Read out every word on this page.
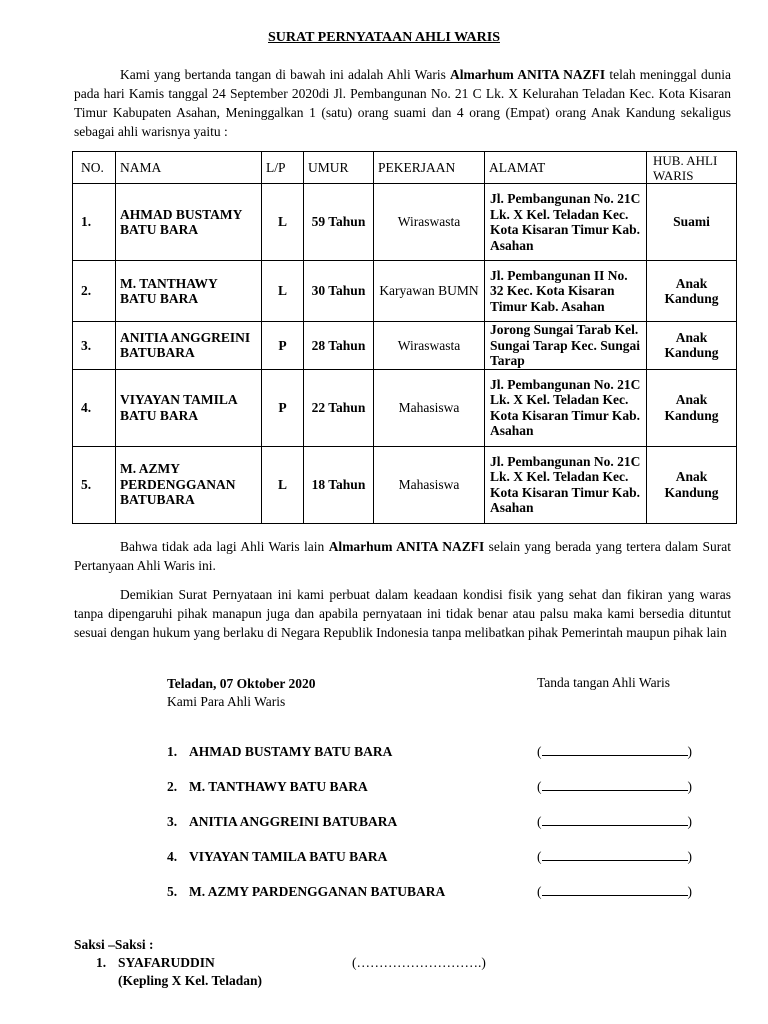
SURAT PERNYATAAN AHLI WARIS

Kami yang bertanda tangan di bawah ini adalah Ahli Waris Almarhum ANITA NAZFI telah meninggal dunia pada hari Kamis tanggal 24 September 2020di Jl. Pembangunan No. 21 C Lk. X Kelurahan Teladan Kec. Kota Kisaran Timur Kabupaten Asahan, Meninggalkan 1 (satu) orang suami dan 4 orang (Empat) orang Anak Kandung sekaligus sebagai ahli warisnya yaitu :

NO.	NAMA	L/P	UMUR	PEKERJAAN	ALAMAT	HUB. AHLI WARIS
1.	AHMAD BUSTAMY BATU BARA	L	59 Tahun	Wiraswasta	Jl. Pembangunan No. 21C Lk. X Kel. Teladan Kec. Kota Kisaran Timur Kab. Asahan	Suami
2.	M. TANTHAWY BATU BARA	L	30 Tahun	Karyawan BUMN	Jl. Pembangunan II No. 32 Kec. Kota Kisaran Timur Kab. Asahan	Anak Kandung
3.	ANITIA ANGGREINI BATUBARA	P	28 Tahun	Wiraswasta	Jorong Sungai Tarab Kel. Sungai Tarap Kec. Sungai Tarap	Anak Kandung
4.	VIYAYAN TAMILA BATU BARA	P	22 Tahun	Mahasiswa	Jl. Pembangunan No. 21C Lk. X Kel. Teladan Kec. Kota Kisaran Timur Kab. Asahan	Anak Kandung
5.	M. AZMY PERDENGGANAN BATUBARA	L	18 Tahun	Mahasiswa	Jl. Pembangunan No. 21C Lk. X Kel. Teladan Kec. Kota Kisaran Timur Kab. Asahan	Anak Kandung

Bahwa tidak ada lagi Ahli Waris lain Almarhum ANITA NAZFI selain yang berada yang tertera dalam Surat Pertanyaan Ahli Waris ini.

Demikian Surat Pernyataan ini kami perbuat dalam keadaan kondisi fisik yang sehat dan fikiran yang waras tanpa dipengaruhi pihak manapun juga dan apabila pernyataan ini tidak benar atau palsu maka kami bersedia dituntut sesuai dengan hukum yang berlaku di Negara Republik Indonesia tanpa melibatkan pihak Pemerintah maupun pihak lain

Teladan, 07 Oktober 2020
Kami Para Ahli Waris
Tanda tangan Ahli Waris
1. AHMAD BUSTAMY BATU BARA	(	)
2. M. TANTHAWY BATU BARA	(	)
3. ANITIA ANGGREINI BATUBARA	(	)
4. VIYAYAN TAMILA BATU BARA	(	)
5. M. AZMY PARDENGGANAN BATUBARA	(	)
Saksi –Saksi :
1. SYAFARUDDIN
(Kepling X Kel. Teladan)
(……………………….)
